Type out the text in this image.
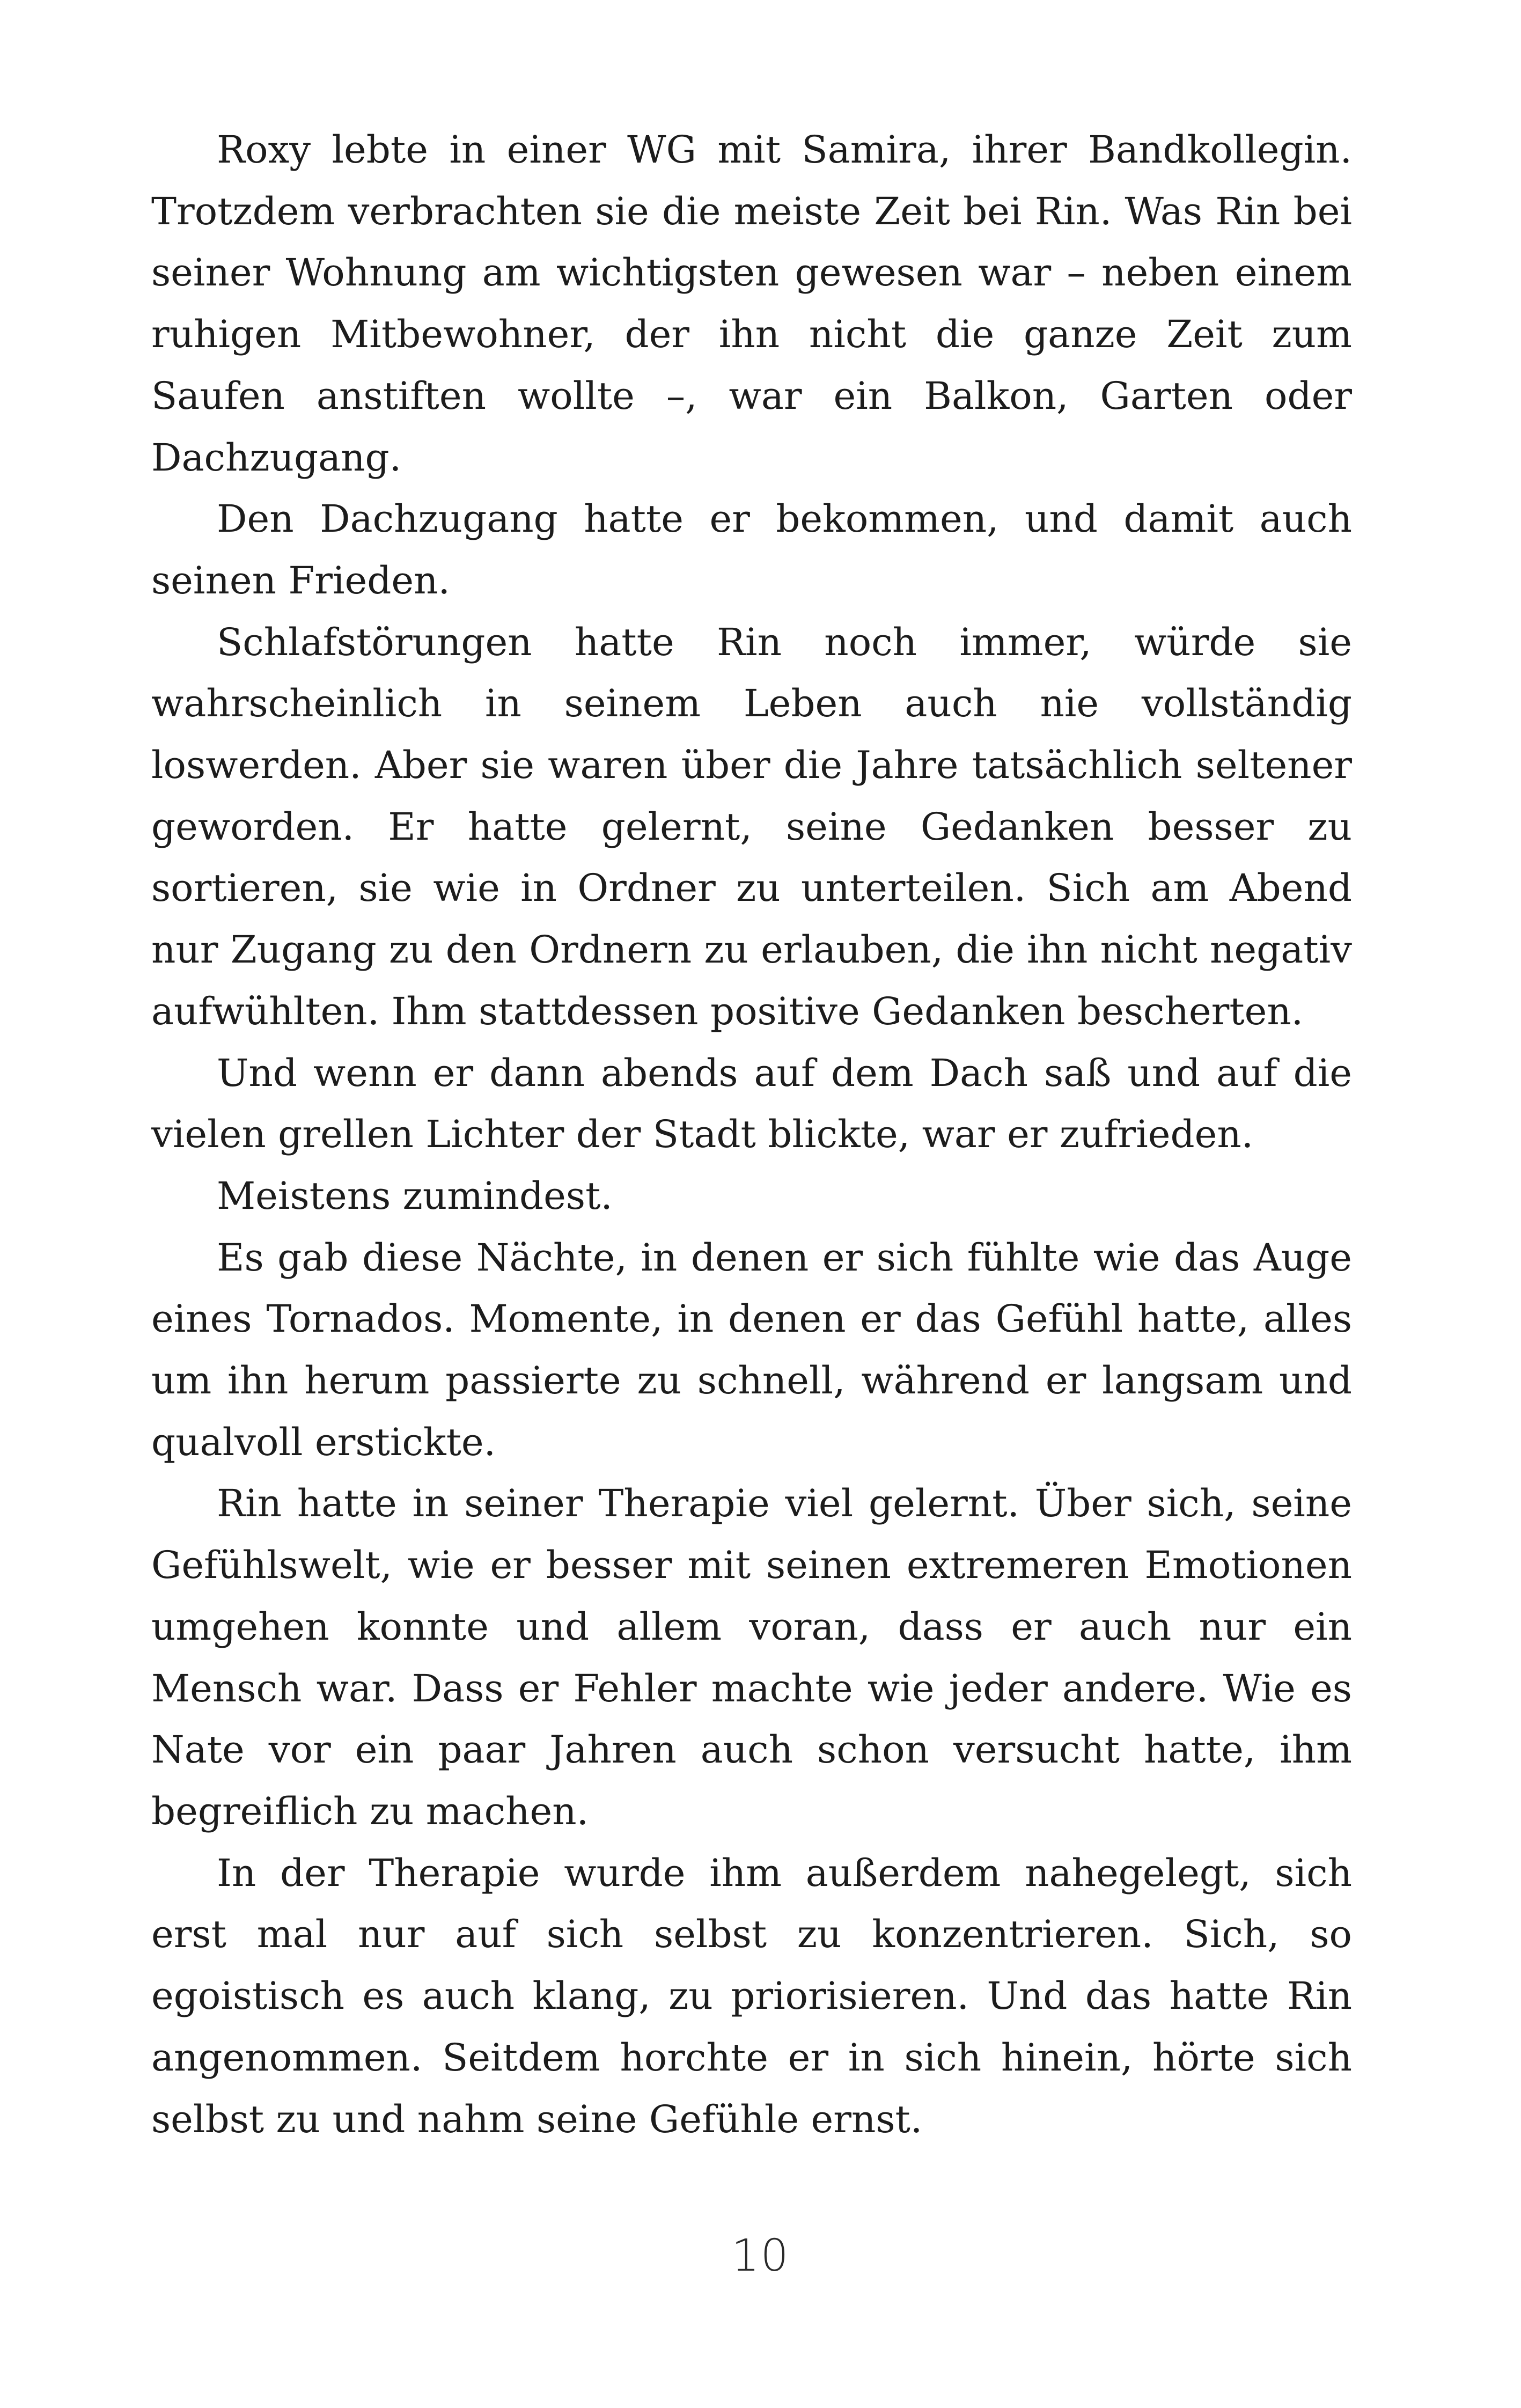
Roxy lebte in einer WG mit Samira, ihrer Bandkollegin. Trotzdem verbrachten sie die meiste Zeit bei Rin. Was Rin bei seiner Wohnung am wichtigsten gewesen war – neben einem ruhigen Mitbewohner, der ihn nicht die ganze Zeit zum Saufen anstiften wollte –, war ein Balkon, Garten oder Dachzugang.

Den Dachzugang hatte er bekommen, und damit auch seinen Frieden.

Schlafstörungen hatte Rin noch immer, würde sie wahrscheinlich in seinem Leben auch nie vollständig loswerden. Aber sie waren über die Jahre tatsächlich seltener geworden. Er hatte gelernt, seine Gedanken besser zu sortieren, sie wie in Ordner zu unterteilen. Sich am Abend nur Zugang zu den Ordnern zu erlauben, die ihn nicht negativ aufwühlten. Ihm stattdessen positive Gedanken bescherten.

Und wenn er dann abends auf dem Dach saß und auf die vielen grellen Lichter der Stadt blickte, war er zufrieden.

Meistens zumindest.

Es gab diese Nächte, in denen er sich fühlte wie das Auge eines Tornados. Momente, in denen er das Gefühl hatte, alles um ihn herum passierte zu schnell, während er langsam und qualvoll erstickte.

Rin hatte in seiner Therapie viel gelernt. Über sich, seine Gefühlswelt, wie er besser mit seinen extremeren Emotionen umgehen konnte und allem voran, dass er auch nur ein Mensch war. Dass er Fehler machte wie jeder andere. Wie es Nate vor ein paar Jahren auch schon versucht hatte, ihm begreiflich zu machen.

In der Therapie wurde ihm außerdem nahegelegt, sich erst mal nur auf sich selbst zu konzentrieren. Sich, so egoistisch es auch klang, zu priorisieren. Und das hatte Rin angenommen. Seitdem horchte er in sich hinein, hörte sich selbst zu und nahm seine Gefühle ernst.

10
